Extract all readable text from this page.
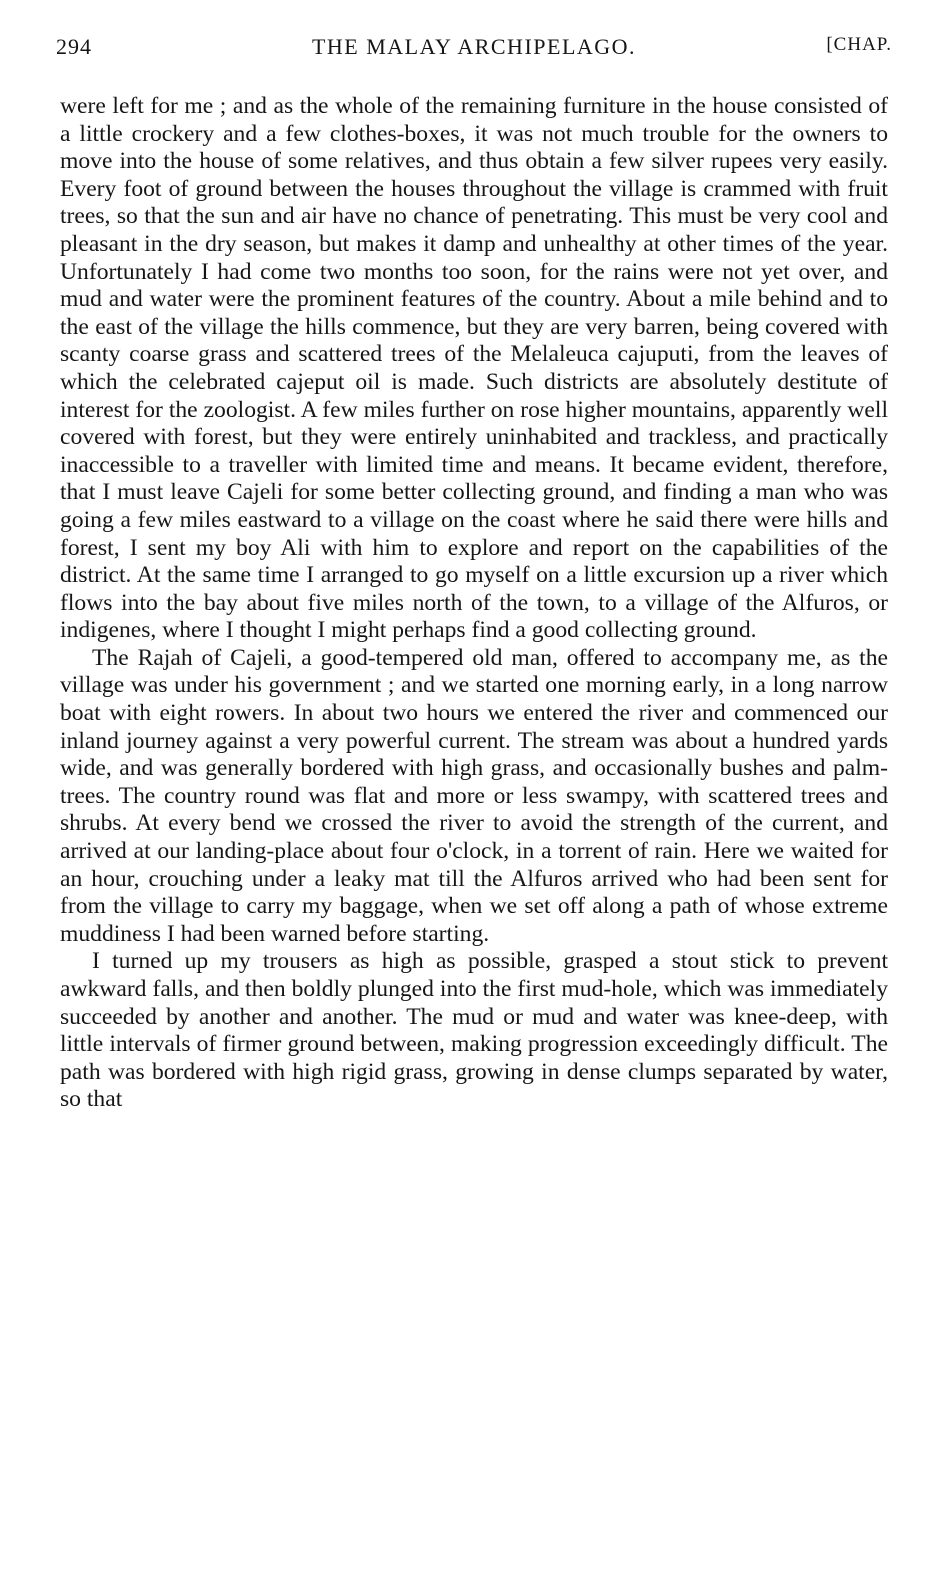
294	THE MALAY ARCHIPELAGO.	[CHAP.

were left for me ; and as the whole of the remaining furniture in the house consisted of a little crockery and a few clothes-boxes, it was not much trouble for the owners to move into the house of some relatives, and thus obtain a few silver rupees very easily. Every foot of ground between the houses throughout the village is crammed with fruit trees, so that the sun and air have no chance of penetrating. This must be very cool and pleasant in the dry season, but makes it damp and unhealthy at other times of the year. Unfortunately I had come two months too soon, for the rains were not yet over, and mud and water were the prominent features of the country. About a mile behind and to the east of the village the hills commence, but they are very barren, being covered with scanty coarse grass and scattered trees of the Melaleuca cajuputi, from the leaves of which the celebrated cajeput oil is made. Such districts are absolutely destitute of interest for the zoologist. A few miles further on rose higher mountains, apparently well covered with forest, but they were entirely uninhabited and trackless, and practically inaccessible to a traveller with limited time and means. It became evident, therefore, that I must leave Cajeli for some better collecting ground, and finding a man who was going a few miles eastward to a village on the coast where he said there were hills and forest, I sent my boy Ali with him to explore and report on the capabilities of the district. At the same time I arranged to go myself on a little excursion up a river which flows into the bay about five miles north of the town, to a village of the Alfuros, or indigenes, where I thought I might perhaps find a good collecting ground.

The Rajah of Cajeli, a good-tempered old man, offered to accompany me, as the village was under his government ; and we started one morning early, in a long narrow boat with eight rowers. In about two hours we entered the river and commenced our inland journey against a very powerful current. The stream was about a hundred yards wide, and was generally bordered with high grass, and occasionally bushes and palm-trees. The country round was flat and more or less swampy, with scattered trees and shrubs. At every bend we crossed the river to avoid the strength of the current, and arrived at our landing-place about four o'clock, in a torrent of rain. Here we waited for an hour, crouching under a leaky mat till the Alfuros arrived who had been sent for from the village to carry my baggage, when we set off along a path of whose extreme muddiness I had been warned before starting.

I turned up my trousers as high as possible, grasped a stout stick to prevent awkward falls, and then boldly plunged into the first mud-hole, which was immediately succeeded by another and another. The mud or mud and water was knee-deep, with little intervals of firmer ground between, making progression exceedingly difficult. The path was bordered with high rigid grass, growing in dense clumps separated by water, so that
